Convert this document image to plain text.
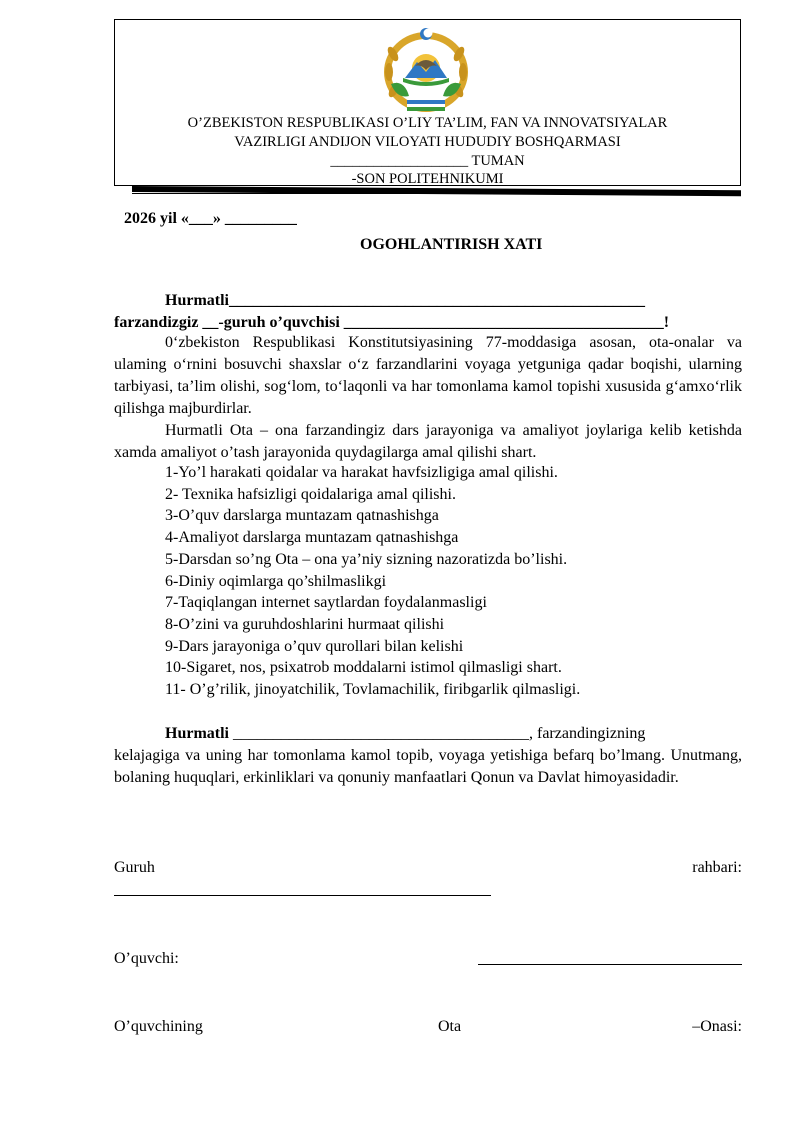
O’ZBEKISTON RESPUBLIKASI O’LIY TA’LIM, FAN VA INNOVATSIYALAR
VAZIRLIGI ANDIJON VILOYATI HUDUDIY BOSHQARMASI
___________________ TUMAN
-SON POLITEHNIKUMI
2026 yil «___» _________
OGOHLANTIRISH XATI
Hurmatli____________________________________________________
farzandizgiz __-guruh o’quvchisi ________________________________________!

0‘zbekiston Respublikasi Konstitutsiyasining 77-moddasiga asosan, ota-onalar va ulaming o‘rnini bosuvchi shaxslar o‘z farzandlarini voyaga yetguniga qadar boqishi, ularning tarbiyasi, ta’lim olishi, sog‘lom, to‘laqonli va har tomonlama kamol topishi xususida g‘amxo‘rlik qilishga majburdirlar.

Hurmatli Ota – ona farzandingiz dars jarayoniga va amaliyot joylariga kelib ketishda xamda amaliyot o’tash jarayonida quydagilarga amal qilishi shart.

1-Yo’l harakati qoidalar va harakat havfsizligiga amal qilishi.
2- Texnika hafsizligi qoidalariga amal qilishi.
3-O’quv darslarga muntazam qatnashishga
4-Amaliyot darslarga muntazam qatnashishga
5-Darsdan so’ng Ota – ona ya’niy sizning nazoratizda bo’lishi.
6-Diniy oqimlarga qo’shilmaslikgi
7-Taqiqlangan internet saytlardan foydalanmasligi
8-O’zini va guruhdoshlarini hurmaat qilishi
9-Dars jarayoniga o’quv qurollari bilan kelishi
10-Sigaret, nos, psixatrob moddalarni istimol qilmasligi shart.
11- O’g’rilik, jinoyatchilik, Tovlamachilik, firibgarlik qilmasligi.
Hurmatli _____________________________________, farzandingizning

kelajagiga va uning har tomonlama kamol topib, voyaga yetishiga befarq bo’lmang. Unutmang, bolaning huquqlari, erkinliklari va qonuniy manfaatlari Qonun va Davlat himoyasidadir.

Guruh	rahbari:
O’quvchi:
O’quvchining	Ota	–Onasi:
